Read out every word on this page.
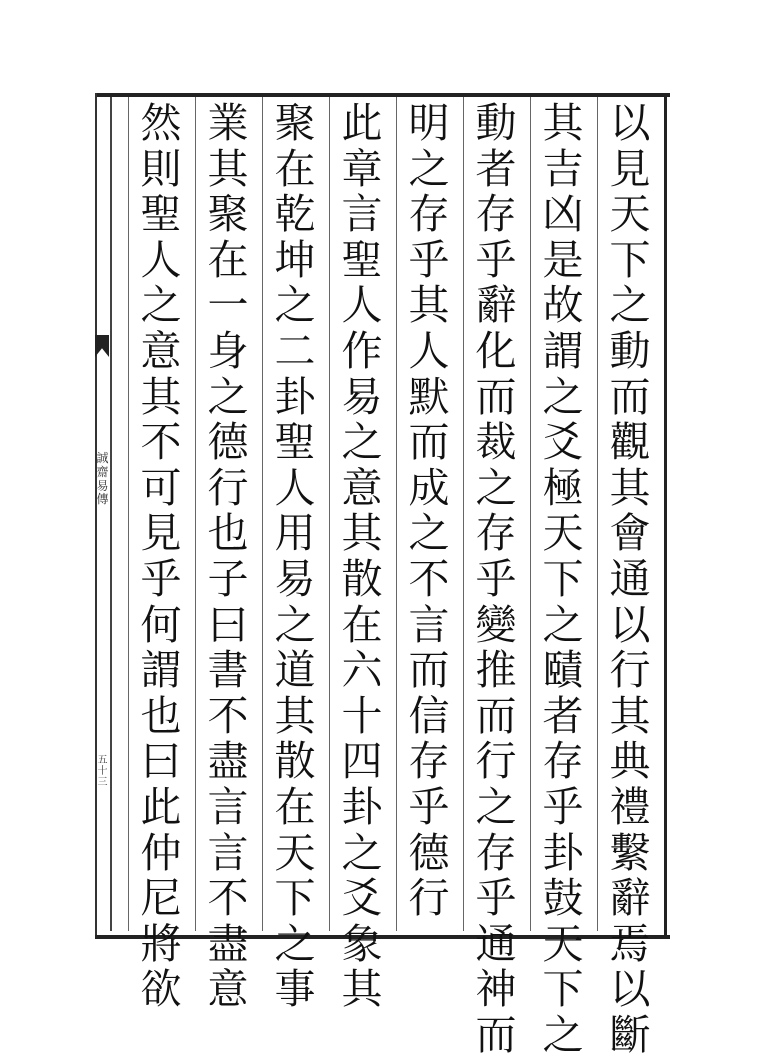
誠
齋
易
傳
五
十
三
以
見
天
下
之
動
而
觀
其
會
通
以
行
其
典
禮
繫
辭
焉
以
斷
其
吉
凶
是
故
謂
之
爻
極
天
下
之
賾
者
存
乎
卦
鼓
天
下
之
動
者
存
乎
辭
化
而
裁
之
存
乎
變
推
而
行
之
存
乎
通
神
而
明
之
存
乎
其
人
默
而
成
之
不
言
而
信
存
乎
德
行
此
章
言
聖
人
作
易
之
意
其
散
在
六
十
四
卦
之
爻
象
其
聚
在
乾
坤
之
二
卦
聖
人
用
易
之
道
其
散
在
天
下
之
事
業
其
聚
在
一
身
之
德
行
也
子
曰
書
不
盡
言
言
不
盡
意
然
則
聖
人
之
意
其
不
可
見
乎
何
謂
也
曰
此
仲
尼
將
欲
